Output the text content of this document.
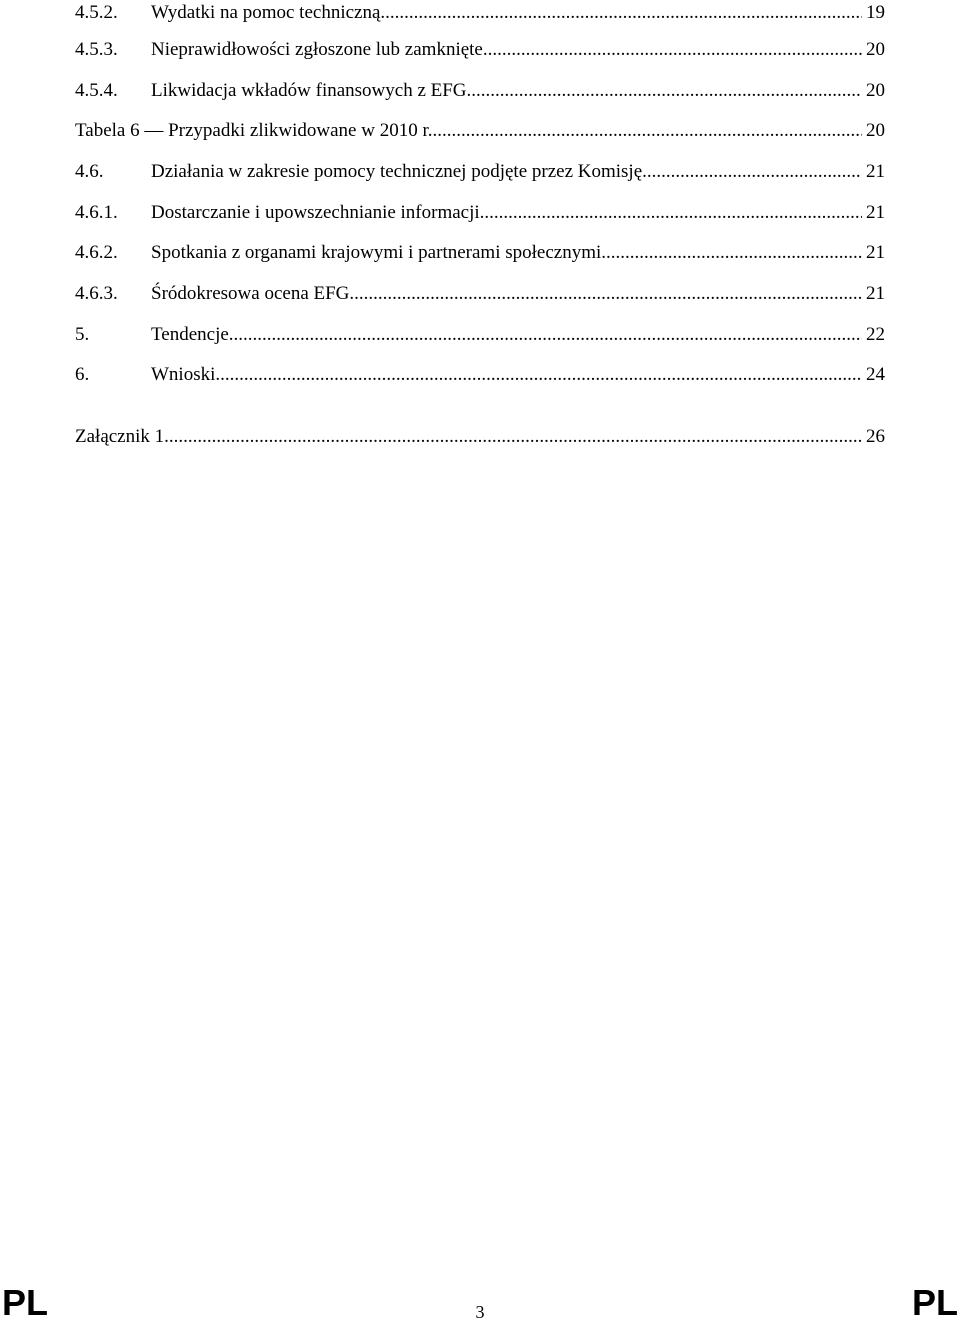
4.5.2.	Wydatki na pomoc techniczną .....	19
4.5.3.	Nieprawidłowości zgłoszone lub zamknięte .....	20
4.5.4.	Likwidacja wkładów finansowych z EFG .....	20
Tabela 6 — Przypadki zlikwidowane w 2010 r. .....	20
4.6.	Działania w zakresie pomocy technicznej podjęte przez Komisję .....	21
4.6.1.	Dostarczanie i upowszechnianie informacji .....	21
4.6.2.	Spotkania z organami krajowymi i partnerami społecznymi .....	21
4.6.3.	Śródokresowa ocena EFG .....	21
5.	Tendencje .....	22
6.	Wnioski .....	24
Załącznik 1 .....	26
PL	3	PL
